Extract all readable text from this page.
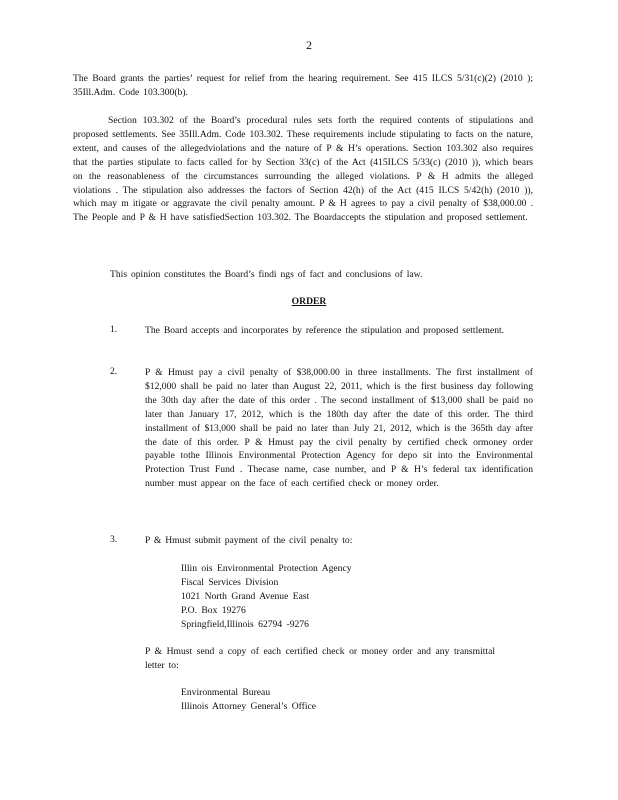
2

The Board grants the parties’ request for relief from the hearing requirement. See 415 ILCS 5/31(c)(2) (2010 ); 35Ill.Adm. Code 103.300(b).

Section 103.302 of the Board’s procedural rules sets forth the required contents of stipulations and proposed settlements. See 35Ill.Adm. Code 103.302. These requirements include stipulating to facts on the nature, extent, and causes of the allegedviolations and the nature of P & H’s operations. Section 103.302 also requires that the parties stipulate to facts called for by Section 33(c) of the Act (415ILCS 5/33(c) (2010 )), which bears on the reasonableness of the circumstances surrounding the alleged violations. P & H admits the alleged violations . The stipulation also addresses the factors of Section 42(h) of the Act (415 ILCS 5/42(h) (2010 )), which may m itigate or aggravate the civil penalty amount. P & H agrees to pay a civil penalty of $38,000.00 . The People and P & H have satisfiedSection 103.302. The Boardaccepts the stipulation and proposed settlement.

This opinion constitutes the Board’s findi ngs of fact and conclusions of law.

ORDER
1.	The Board accepts and incorporates by reference the stipulation and proposed settlement.

2.	P & Hmust pay a civil penalty of $38,000.00 in three installments. The first installment of $12,000 shall be paid no later than August 22, 2011, which is the first business day following the 30th day after the date of this order . The second installment of $13,000 shall be paid no later than January 17, 2012, which is the 180th day after the date of this order. The third installment of $13,000 shall be paid no later than July 21, 2012, which is the 365th day after the date of this order. P & Hmust pay the civil penalty by certified check ormoney order payable tothe Illinois Environmental Protection Agency for depo sit into the Environmental Protection Trust Fund . Thecase name, case number, and P & H’s federal tax identification number must appear on the face of each certified check or money order.

3.	P & Hmust submit payment of the civil penalty to:

Illin ois Environmental Protection Agency

Fiscal Services Division

1021 North Grand Avenue East

P.O. Box 19276

Springfield,Illinois 62794 -9276

P & Hmust send a copy of each certified check or money order and any transmittal letter to:

Environmental Bureau

Illinois Attorney General’s Office
